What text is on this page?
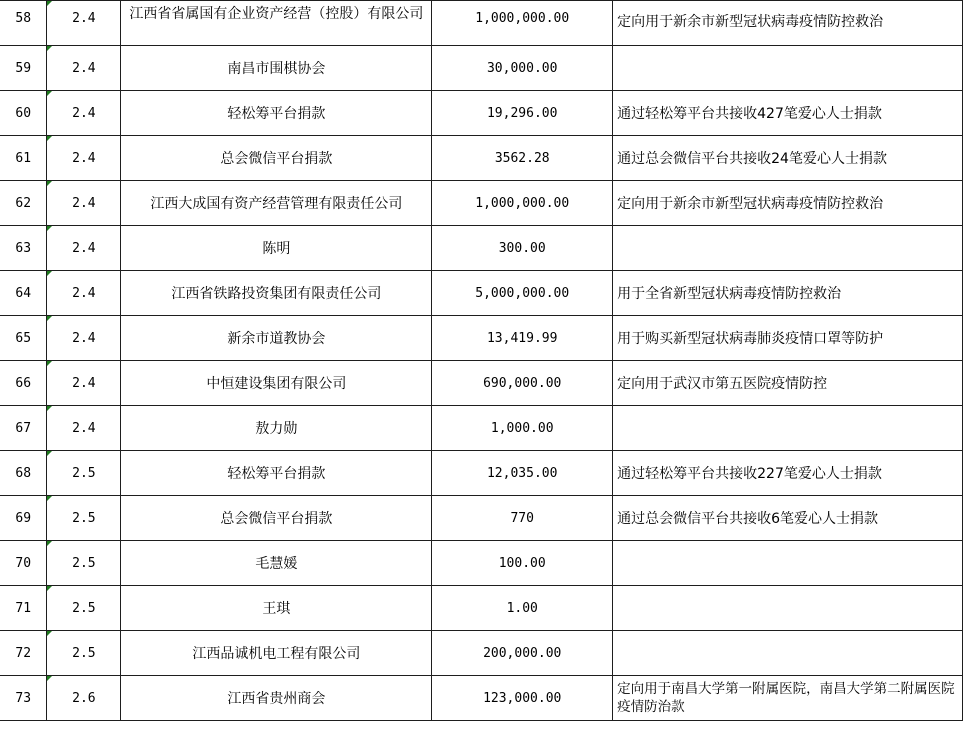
58	2.4	江西省省属国有企业资产经营（控股）有限公司	1,000,000.00	定向用于新余市新型冠状病毒疫情防控救治
59	2.4	南昌市围棋协会	30,000.00	
60	2.4	轻松筹平台捐款	19,296.00	通过轻松筹平台共接收427笔爱心人士捐款
61	2.4	总会微信平台捐款	3562.28	通过总会微信平台共接收24笔爱心人士捐款
62	2.4	江西大成国有资产经营管理有限责任公司	1,000,000.00	定向用于新余市新型冠状病毒疫情防控救治
63	2.4	陈明	300.00	
64	2.4	江西省铁路投资集团有限责任公司	5,000,000.00	用于全省新型冠状病毒疫情防控救治
65	2.4	新余市道教协会	13,419.99	用于购买新型冠状病毒肺炎疫情口罩等防护
66	2.4	中恒建设集团有限公司	690,000.00	定向用于武汉市第五医院疫情防控
67	2.4	敖力勋	1,000.00	
68	2.5	轻松筹平台捐款	12,035.00	通过轻松筹平台共接收227笔爱心人士捐款
69	2.5	总会微信平台捐款	770	通过总会微信平台共接收6笔爱心人士捐款
70	2.5	毛慧媛	100.00	
71	2.5	王琪	1.00	
72	2.5	江西品诚机电工程有限公司	200,000.00	
73	2.6	江西省贵州商会	123,000.00	定向用于南昌大学第一附属医院，南昌大学第二附属医院疫情防治款
